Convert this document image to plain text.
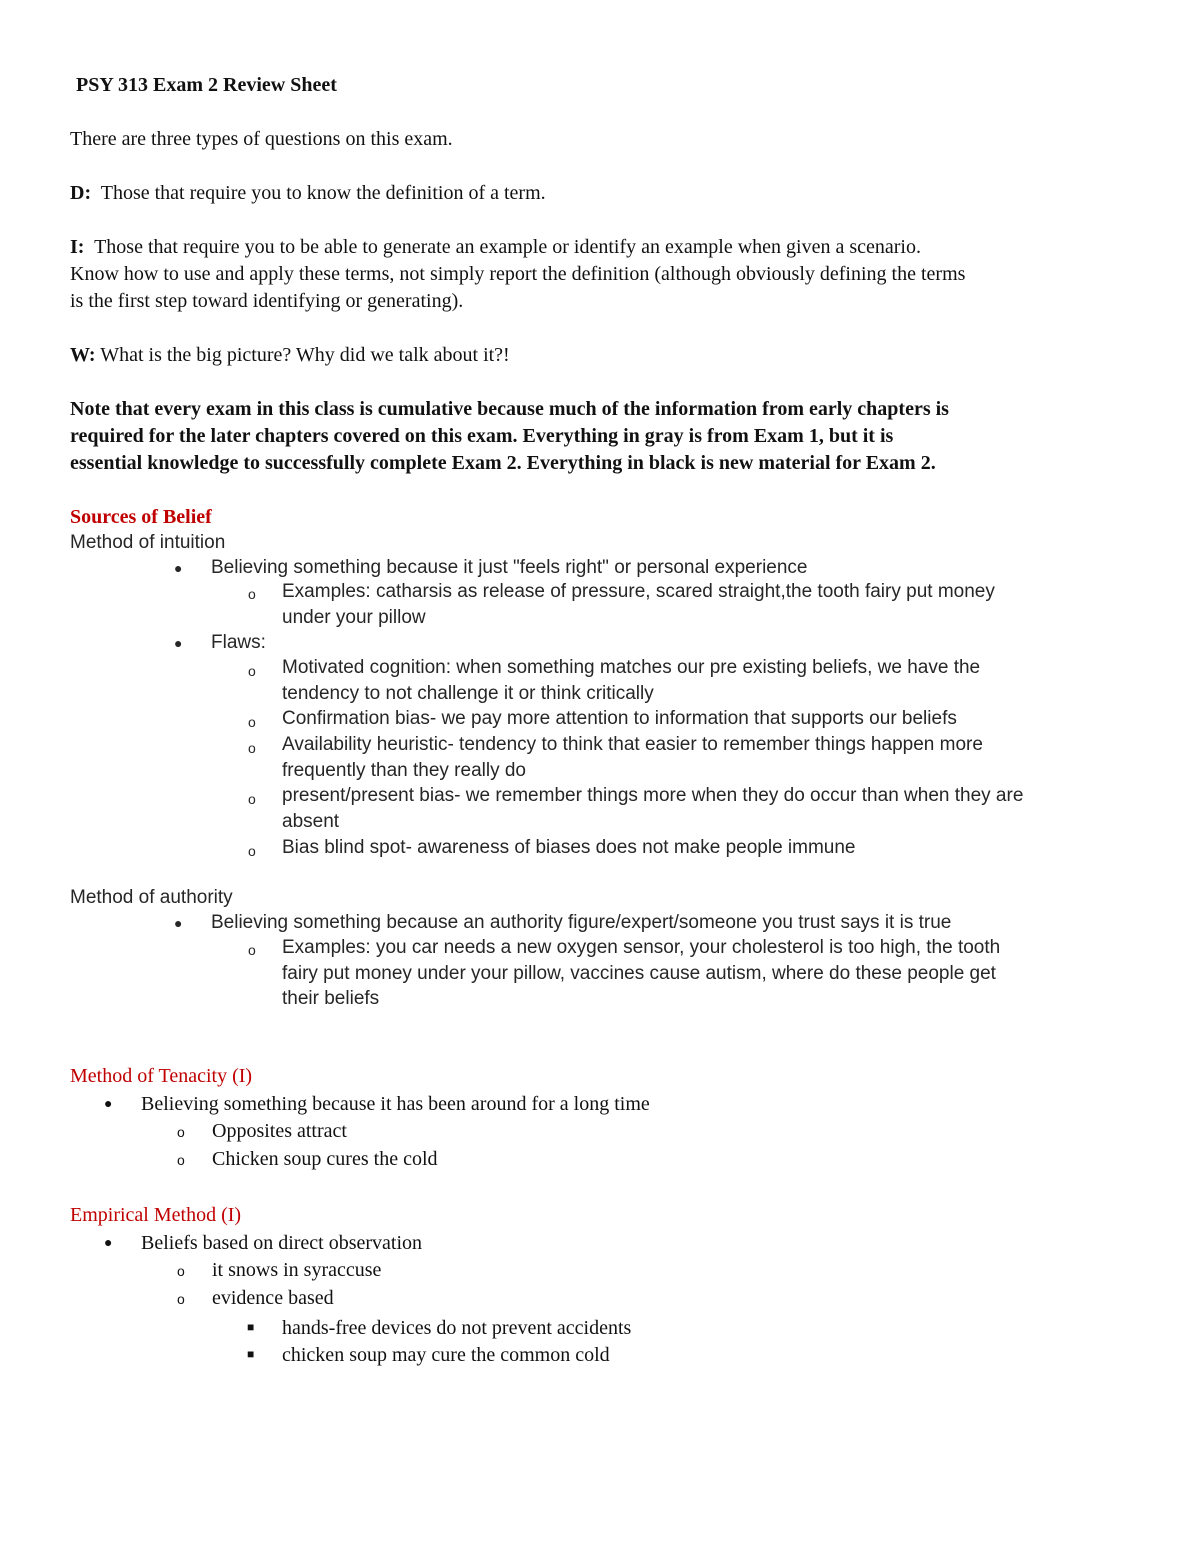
PSY 313 Exam 2 Review Sheet
There are three types of questions on this exam.
D: Those that require you to know the definition of a term.
I: Those that require you to be able to generate an example or identify an example when given a scenario.
Know how to use and apply these terms, not simply report the definition (although obviously defining the terms
is the first step toward identifying or generating).
W: What is the big picture? Why did we talk about it?!
Note that every exam in this class is cumulative because much of the information from early chapters is
required for the later chapters covered on this exam. Everything in gray is from Exam 1, but it is
essential knowledge to successfully complete Exam 2. Everything in black is new material for Exam 2.
Sources of Belief
Method of intuition
● Believing something because it just "feels right" or personal experience
o Examples: catharsis as release of pressure, scared straight,the tooth fairy put money
under your pillow
● Flaws:
o Motivated cognition: when something matches our pre existing beliefs, we have the
tendency to not challenge it or think critically
o Confirmation bias- we pay more attention to information that supports our beliefs
o Availability heuristic- tendency to think that easier to remember things happen more
frequently than they really do
o present/present bias- we remember things more when they do occur than when they are
absent
o Bias blind spot- awareness of biases does not make people immune
Method of authority
● Believing something because an authority figure/expert/someone you trust says it is true
o Examples: you car needs a new oxygen sensor, your cholesterol is too high, the tooth
fairy put money under your pillow, vaccines cause autism, where do these people get
their beliefs
Method of Tenacity (I)
● Believing something because it has been around for a long time
o Opposites attract
o Chicken soup cures the cold
Empirical Method (I)
● Beliefs based on direct observation
o it snows in syraccuse
o evidence based
■ hands-free devices do not prevent accidents
■ chicken soup may cure the common cold
